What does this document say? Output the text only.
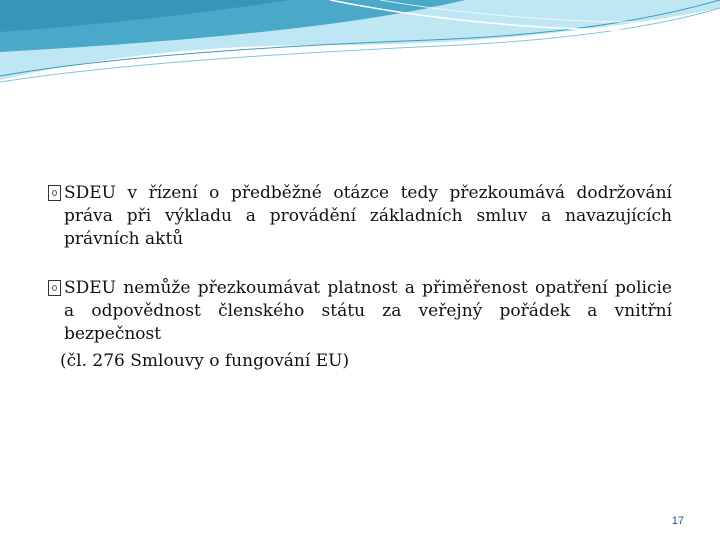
SDEU v řízení o předběžné otázce tedy přezkoumává dodržování práva při výkladu a provádění základních smluv a navazujících právních aktů

SDEU nemůže přezkoumávat platnost a přiměřenost opatření policie a odpovědnost členského státu za veřejný pořádek a vnitřní bezpečnost

(čl. 276 Smlouvy o fungování EU)
17
